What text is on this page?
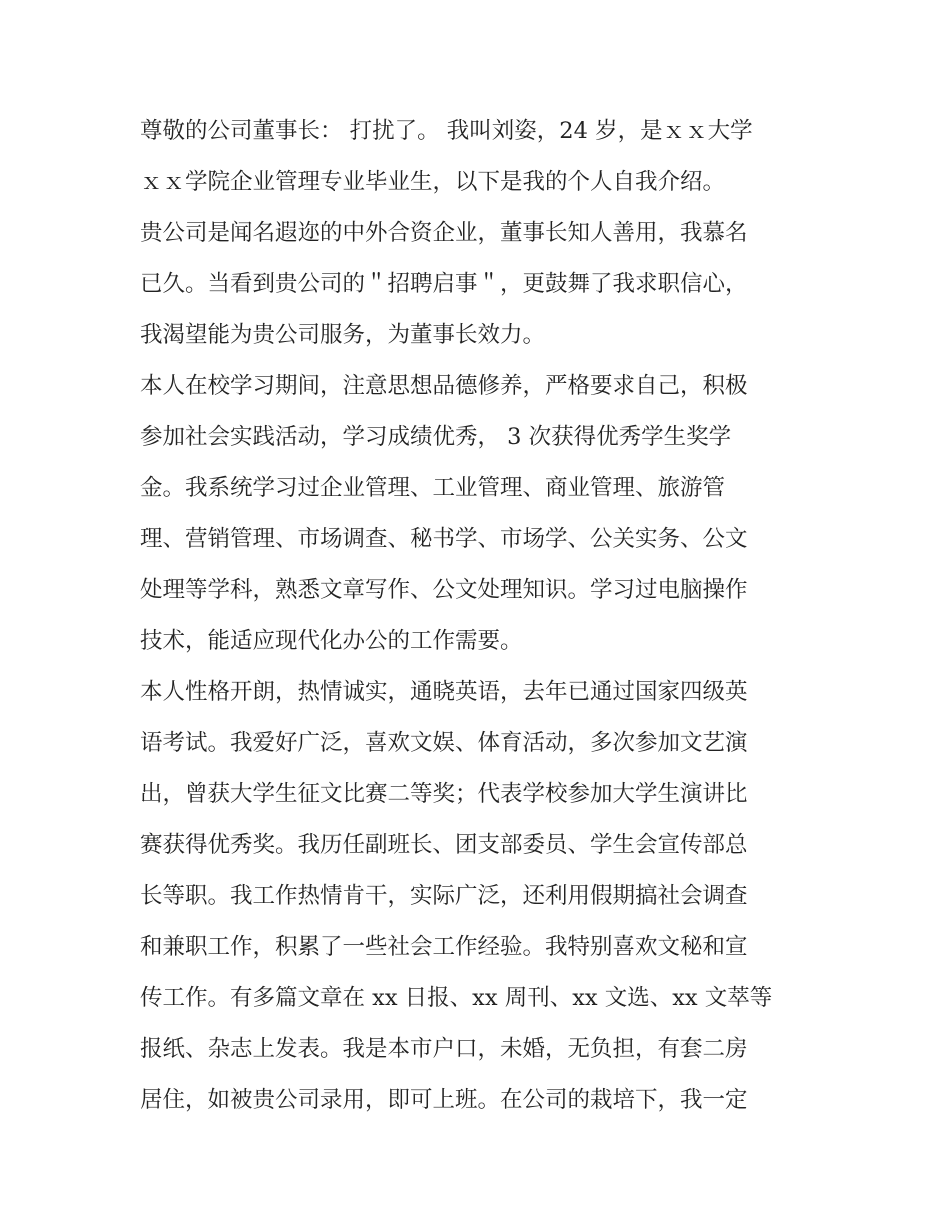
尊敬的公司董事长： 打扰了。 我叫刘姿，24 岁，是ｘｘ大学
ｘｘ学院企业管理专业毕业生，以下是我的个人自我介绍。
贵公司是闻名遐迩的中外合资企业，董事长知人善用，我慕名
已久。当看到贵公司的＂招聘启事＂，更鼓舞了我求职信心，
我渴望能为贵公司服务，为董事长效力。
本人在校学习期间，注意思想品德修养，严格要求自己，积极
参加社会实践活动，学习成绩优秀， 3 次获得优秀学生奖学
金。我系统学习过企业管理、工业管理、商业管理、旅游管
理、营销管理、市场调查、秘书学、市场学、公关实务、公文
处理等学科，熟悉文章写作、公文处理知识。学习过电脑操作
技术，能适应现代化办公的工作需要。
本人性格开朗，热情诚实，通晓英语，去年已通过国家四级英
语考试。我爱好广泛，喜欢文娱、体育活动，多次参加文艺演
出，曾获大学生征文比赛二等奖；代表学校参加大学生演讲比
赛获得优秀奖。我历任副班长、团支部委员、学生会宣传部总
长等职。我工作热情肯干，实际广泛，还利用假期搞社会调查
和兼职工作，积累了一些社会工作经验。我特别喜欢文秘和宣
传工作。有多篇文章在 xx 日报、xx 周刊、xx 文选、xx 文萃等
报纸、杂志上发表。我是本市户口，未婚，无负担，有套二房
居住，如被贵公司录用，即可上班。在公司的栽培下，我一定
